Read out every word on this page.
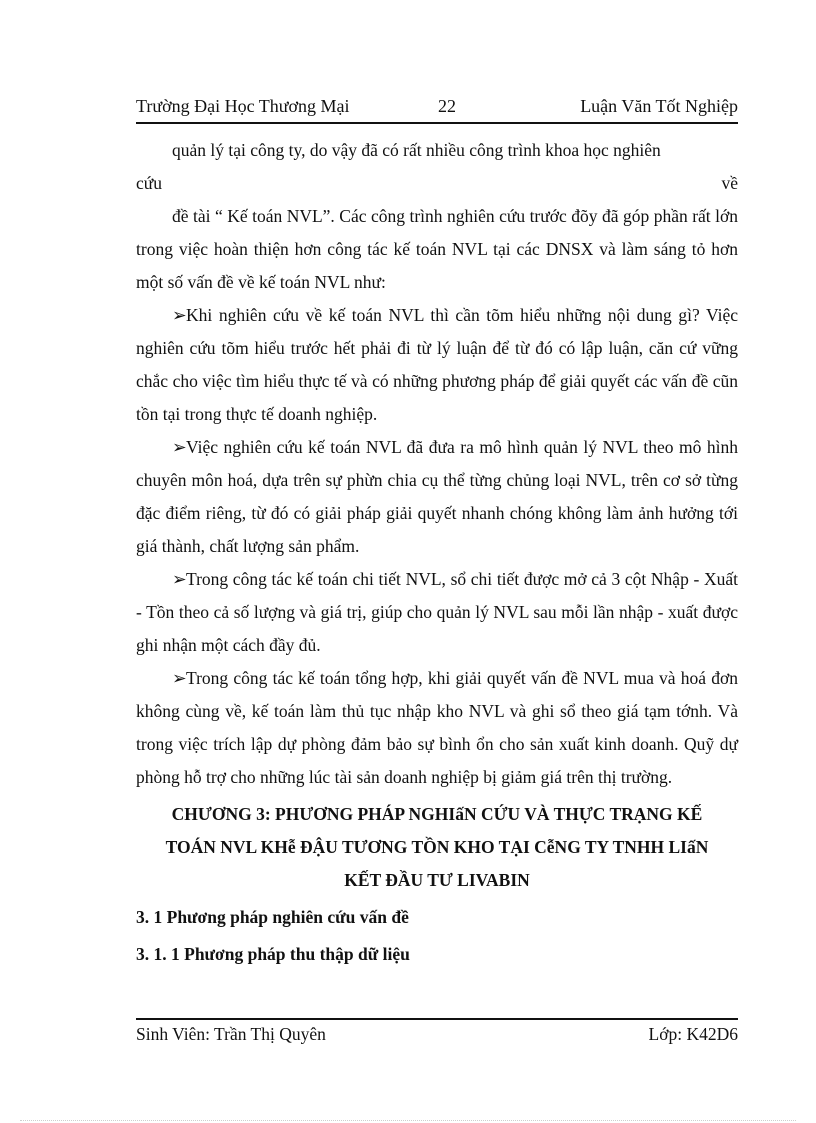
Trường Đại Học Thương Mại	22	Luận Văn Tốt Nghiệp

quản lý tại công ty, do vậy đã có rất nhiều công trình khoa học nghiên

cứu	về

đề tài “ Kế toán NVL”. Các công trình nghiên cứu trước đõy đã góp phần rất lớn trong việc hoàn thiện hơn công tác kế toán NVL tại các DNSX và làm sáng tỏ hơn một số vấn đề về kế toán NVL như:

➢Khi nghiên cứu về kế toán NVL thì cần tõm hiểu những nội dung gì? Việc nghiên cứu tõm hiểu trước hết phải đi từ lý luận để từ đó có lập luận, căn cứ vững chắc cho việc tìm hiểu thực tế và có những phương pháp để giải quyết các vấn đề cũn tồn tại trong thực tế doanh nghiệp.

➢Việc nghiên cứu kế toán NVL đã đưa ra mô hình quản lý NVL theo mô hình chuyên môn hoá, dựa trên sự phừn chia cụ thể từng chủng loại NVL, trên cơ sở từng đặc điểm riêng, từ đó có giải pháp giải quyết nhanh chóng không làm ảnh hưởng tới giá thành, chất lượng sản phẩm.

➢Trong công tác kế toán chi tiết NVL, sổ chi tiết được mở cả 3 cột Nhập - Xuất - Tồn theo cả số lượng và giá trị, giúp cho quản lý NVL sau mỗi lần nhập - xuất được ghi nhận một cách đầy đủ.

➢Trong công tác kế toán tổng hợp, khi giải quyết vấn đề NVL mua và hoá đơn không cùng về, kế toán làm thủ tục nhập kho NVL và ghi sổ theo giá tạm tớnh. Và trong việc trích lập dự phòng đảm bảo sự bình ổn cho sản xuất kinh doanh. Quỹ dự phòng hỗ trợ cho những lúc tài sản doanh nghiệp bị giảm giá trên thị trường.

CHƯƠNG 3: PHƯƠNG PHÁP NGHIấN CỨU VÀ THỰC TRẠNG KẾ
TOÁN NVL KHễ ĐẬU TƯƠNG TỒN KHO TẠI CễNG TY TNHH LIấN
KẾT ĐẦU TƯ LIVABIN

3. 1 Phương pháp nghiên cứu vấn đề

3. 1. 1 Phương pháp thu thập dữ liệu

Sinh Viên: Trần Thị Quyên	Lớp: K42D6
